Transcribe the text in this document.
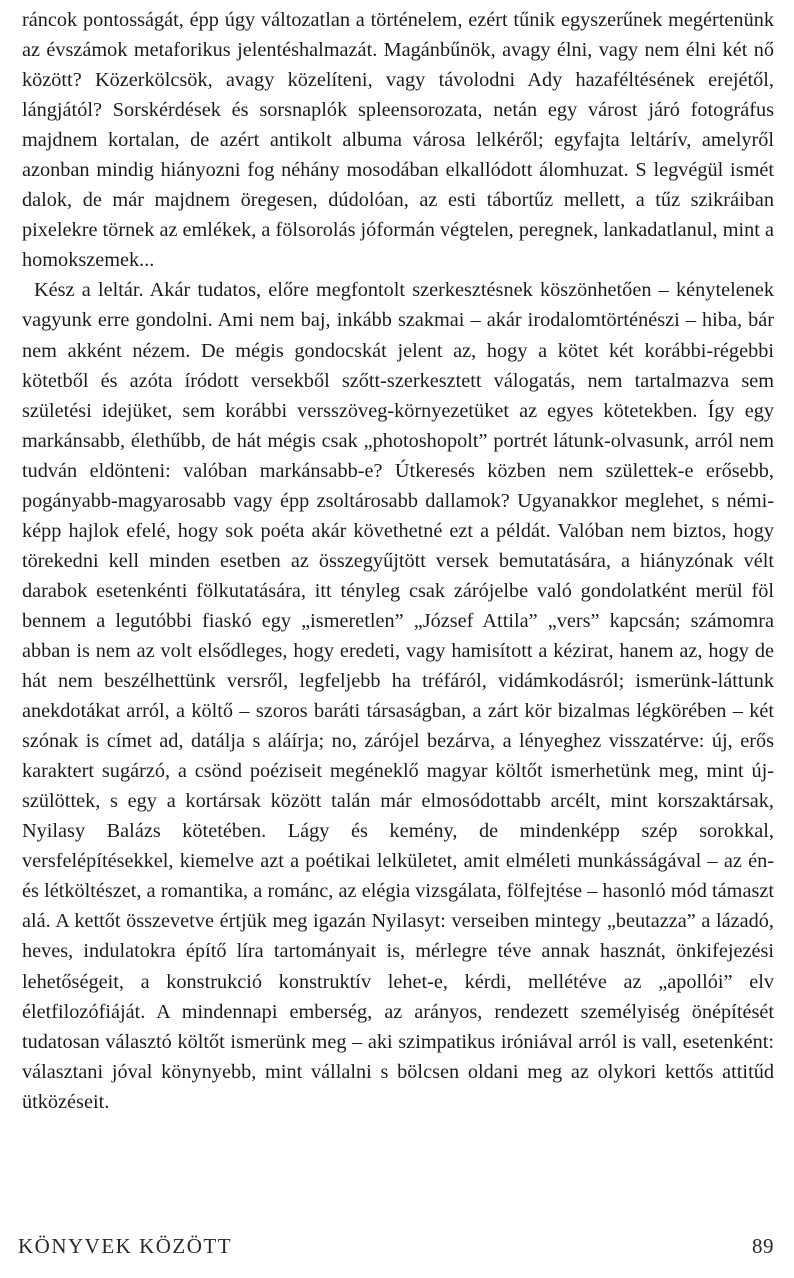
ráncok pontosságát, épp úgy változatlan a történelem, ezért tűnik egyszerűnek megértenünk az évszámok metaforikus jelentéshalmazát. Magánbűnök, avagy élni, vagy nem élni két nő között? Közerkölcsök, avagy közelíteni, vagy távolodni Ady hazaféltésének erejétől, lángjától? Sorskérdések és sorsnaplók spleensorozata, netán egy várost járó fotográfus majdnem kortalan, de azért antikolt albuma városa lelkéről; egyfajta leltárív, amelyről azonban mindig hiányozni fog néhány mosodában elkallódott álomhuzat. S legvégül ismét dalok, de már majdnem öregesen, dúdolóan, az esti tábortűz mellett, a tűz szikráiban pixelekre törnek az emlékek, a fölsorolás jóformán végtelen, peregnek, lankadatlanul, mint a homokszemek...

Kész a leltár. Akár tudatos, előre megfontolt szerkesztésnek köszönhetően – kénytelenek vagyunk erre gondolni. Ami nem baj, inkább szakmai – akár irodalomtörténészi – hiba, bár nem akként nézem. De mégis gondocskát jelent az, hogy a kötet két korábbi-régebbi kötetből és azóta íródott versekből szőtt-szerkesztett válogatás, nem tartalmazva sem születési idejüket, sem korábbi versszöveg-környezetüket az egyes kötetekben. Így egy markánsabb, élethűbb, de hát mégis csak „photoshopolt” portrét látunk-olvasunk, arról nem tudván eldönteni: valóban markánsabb-e? Útkeresés közben nem születtek-e erősebb, pogányabb-magyarosabb vagy épp zsoltárosabb dallamok? Ugyanakkor meglehet, s némiképp hajlok efelé, hogy sok poéta akár követhetné ezt a példát. Valóban nem biztos, hogy törekedni kell minden esetben az összegyűjtött versek bemutatására, a hiányzónak vélt darabok esetenkénti fölkutatására, itt tényleg csak zárójelbe való gondolatként merül föl bennem a legutóbbi fiaskó egy „ismeretlen” „József Attila” „vers” kapcsán; számomra abban is nem az volt elsődleges, hogy eredeti, vagy hamisított a kézirat, hanem az, hogy de hát nem beszélhettünk versről, legfeljebb ha tréfáról, vidámkodásról; ismerünk-láttunk anekdotákat arról, a költő – szoros baráti társaságban, a zárt kör bizalmas légkörében – két szónak is címet ad, datálja s aláírja; no, zárójel bezárva, a lényeghez visszatérve: új, erős karaktert sugárzó, a csönd poéziseit megéneklő magyar költőt ismerhetünk meg, mint újszülöttek, s egy a kortársak között talán már elmosódottabb arcélt, mint korszaktársak, Nyilasy Balázs kötetében. Lágy és kemény, de mindenképp szép sorokkal, versfelépítésekkel, kiemelve azt a poétikai lelkületet, amit elméleti munkásságával – az én- és létköltészet, a romantika, a románc, az elégia vizsgálata, fölfejtése – hasonló mód támaszt alá. A kettőt összevetve értjük meg igazán Nyilasyt: verseiben mintegy „beutazza” a lázadó, heves, indulatokra építő líra tartományait is, mérlegre téve annak hasznát, önkifejezési lehetőségeit, a konstrukció konstruktív lehet-e, kérdi, mellétéve az „apollói” elv életfilozófiáját. A mindennapi emberség, az arányos, rendezett személyiség önépítését tudatosan választó költőt ismerünk meg – aki szimpatikus iróniával arról is vall, esetenként: választani jóval könynyebb, mint vállalni s bölcsen oldani meg az olykori kettős attitűd ütközéseit.

KÖNYVEK KÖZÖTT	89
